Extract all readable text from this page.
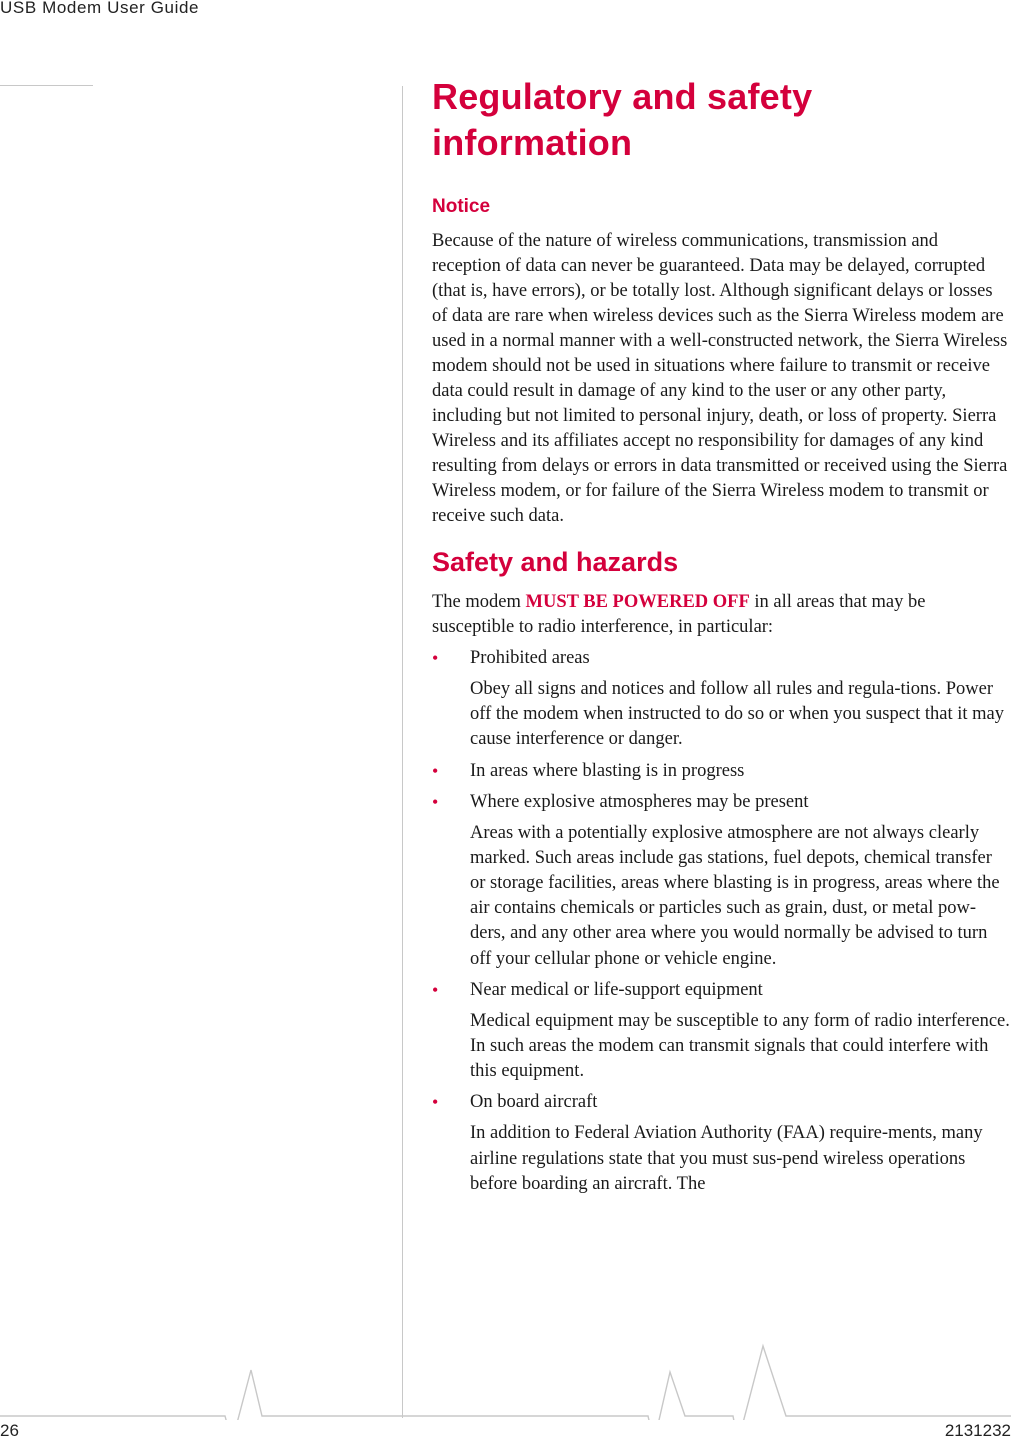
USB Modem User Guide
Regulatory and safety information
Notice

Because of the nature of wireless communications, transmission and reception of data can never be guaranteed. Data may be delayed, corrupted (that is, have errors), or be totally lost. Although significant delays or losses of data are rare when wireless devices such as the Sierra Wireless modem are used in a normal manner with a well-constructed network, the Sierra Wireless modem should not be used in situations where failure to transmit or receive data could result in damage of any kind to the user or any other party, including but not limited to personal injury, death, or loss of property. Sierra Wireless and its affiliates accept no responsibility for damages of any kind resulting from delays or errors in data transmitted or received using the Sierra Wireless modem, or for failure of the Sierra Wireless modem to transmit or receive such data.

Safety and hazards

The modem MUST BE POWERED OFF in all areas that may be susceptible to radio interference, in particular:

• Prohibited areas
Obey all signs and notices and follow all rules and regula-tions. Power off the modem when instructed to do so or when you suspect that it may cause interference or danger.
• In areas where blasting is in progress
• Where explosive atmospheres may be present
Areas with a potentially explosive atmosphere are not always clearly marked. Such areas include gas stations, fuel depots, chemical transfer or storage facilities, areas where blasting is in progress, areas where the air contains chemicals or particles such as grain, dust, or metal pow-ders, and any other area where you would normally be advised to turn off your cellular phone or vehicle engine.
• Near medical or life-support equipment
Medical equipment may be susceptible to any form of radio interference. In such areas the modem can transmit signals that could interfere with this equipment.
• On board aircraft
In addition to Federal Aviation Authority (FAA) require-ments, many airline regulations state that you must sus-pend wireless operations before boarding an aircraft. The
26	2131232
